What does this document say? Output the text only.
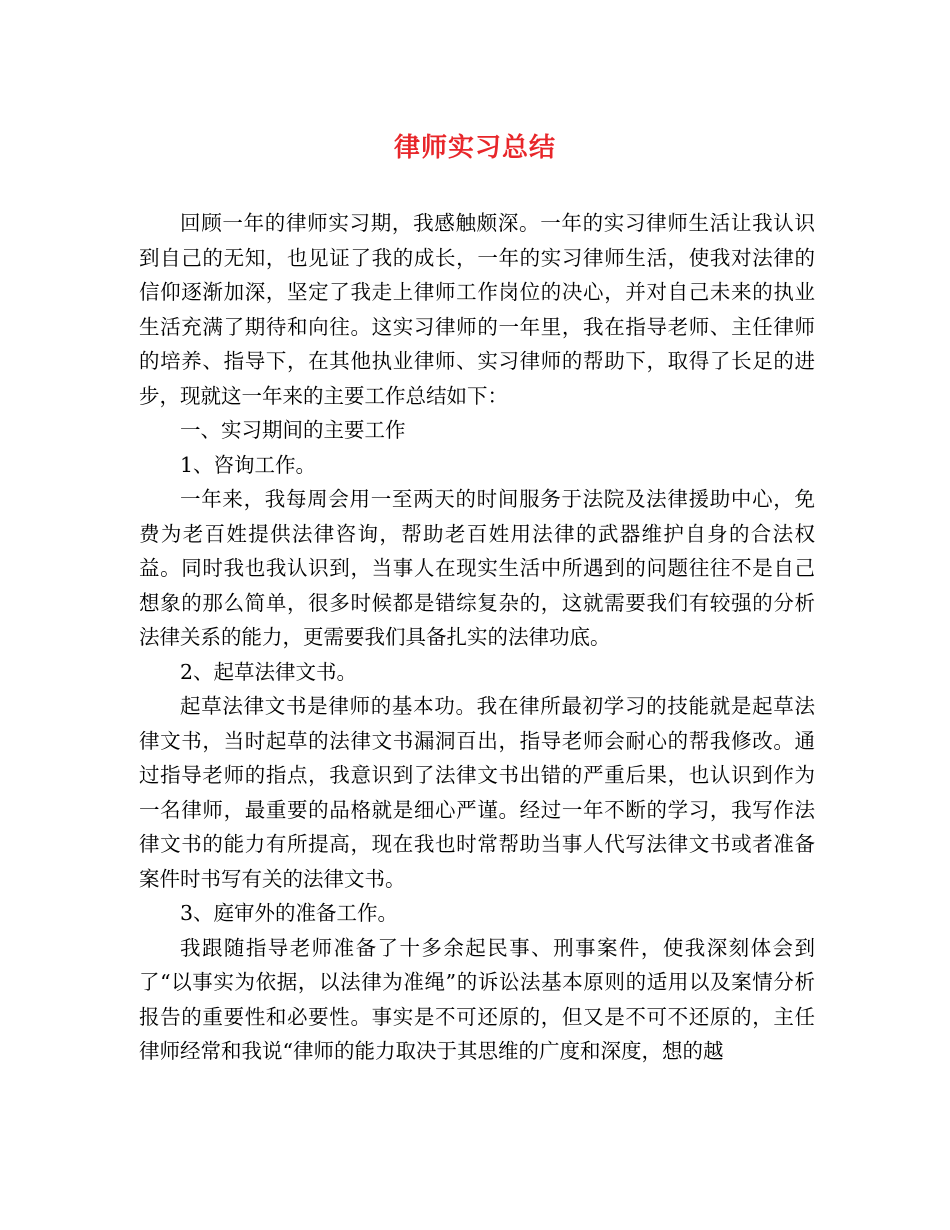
律师实习总结

回顾一年的律师实习期，我感触颇深。一年的实习律师生活让我认识到自己的无知，也见证了我的成长，一年的实习律师生活，使我对法律的信仰逐渐加深，坚定了我走上律师工作岗位的决心，并对自己未来的执业生活充满了期待和向往。这实习律师的一年里，我在指导老师、主任律师的培养、指导下，在其他执业律师、实习律师的帮助下，取得了长足的进步，现就这一年来的主要工作总结如下：

一、实习期间的主要工作

1、咨询工作。

一年来，我每周会用一至两天的时间服务于法院及法律援助中心，免费为老百姓提供法律咨询，帮助老百姓用法律的武器维护自身的合法权益。同时我也我认识到，当事人在现实生活中所遇到的问题往往不是自己想象的那么简单，很多时候都是错综复杂的，这就需要我们有较强的分析法律关系的能力，更需要我们具备扎实的法律功底。

2、起草法律文书。

起草法律文书是律师的基本功。我在律所最初学习的技能就是起草法律文书，当时起草的法律文书漏洞百出，指导老师会耐心的帮我修改。通过指导老师的指点，我意识到了法律文书出错的严重后果，也认识到作为一名律师，最重要的品格就是细心严谨。经过一年不断的学习，我写作法律文书的能力有所提高，现在我也时常帮助当事人代写法律文书或者准备案件时书写有关的法律文书。

3、庭审外的准备工作。

我跟随指导老师准备了十多余起民事、刑事案件，使我深刻体会到了“以事实为依据，以法律为准绳”的诉讼法基本原则的适用以及案情分析报告的重要性和必要性。事实是不可还原的，但又是不可不还原的，主任律师经常和我说“律师的能力取决于其思维的广度和深度，想的越
